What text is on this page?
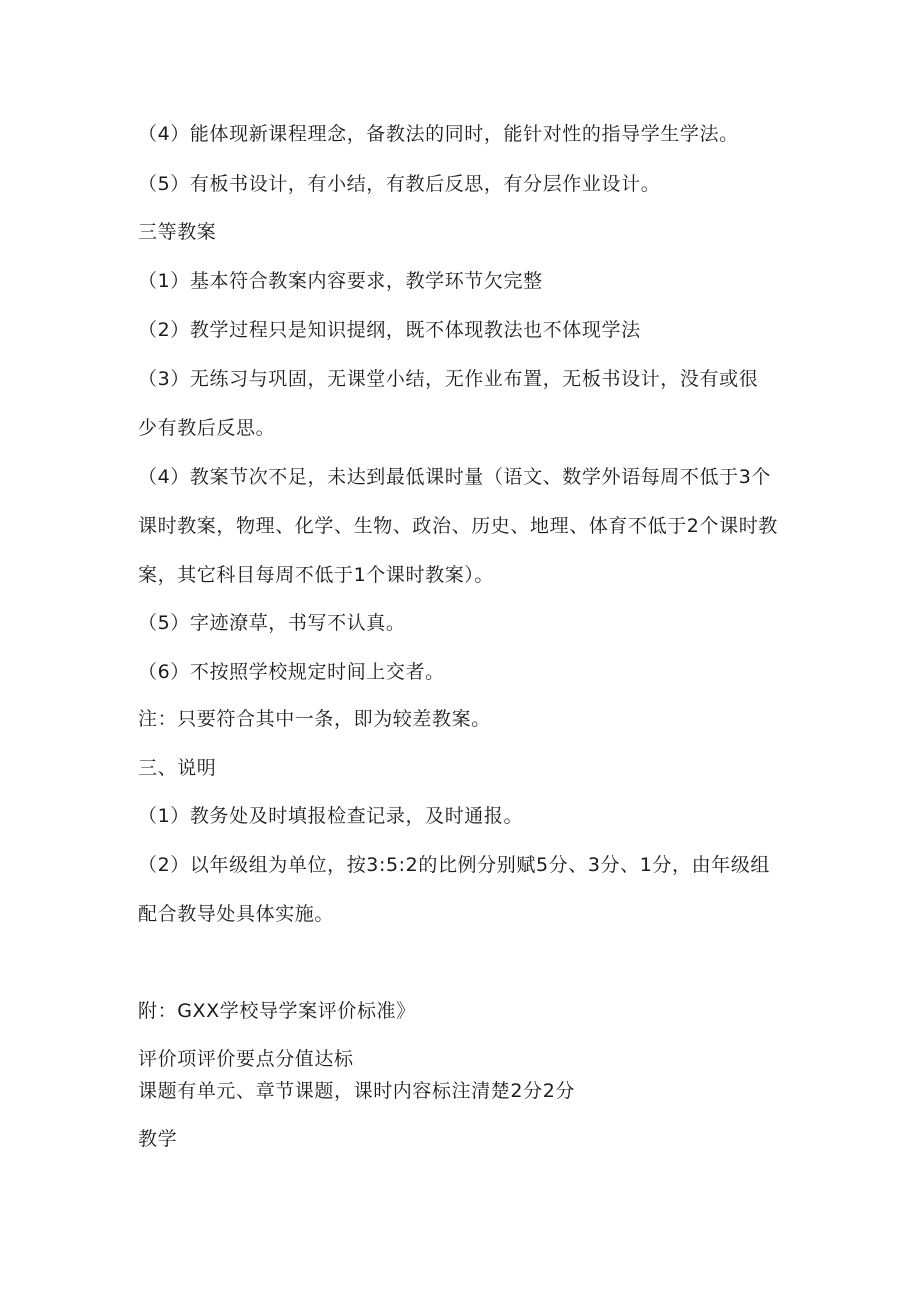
（4）能体现新课程理念，备教法的同时，能针对性的指导学生学法。
（5）有板书设计，有小结，有教后反思，有分层作业设计。
三等教案
（1）基本符合教案内容要求，教学环节欠完整
（2）教学过程只是知识提纲，既不体现教法也不体现学法
（3）无练习与巩固，无课堂小结，无作业布置，无板书设计，没有或很
少有教后反思。
（4）教案节次不足，未达到最低课时量（语文、数学外语每周不低于3个
课时教案，物理、化学、生物、政治、历史、地理、体育不低于2个课时教
案，其它科目每周不低于1个课时教案）。
（5）字迹潦草，书写不认真。
（6）不按照学校规定时间上交者。
注：只要符合其中一条，即为较差教案。
三、说明
（1）教务处及时填报检查记录，及时通报。
（2）以年级组为单位，按3:5:2的比例分别赋5分、3分、1分，由年级组
配合教导处具体实施。
附：GXX学校导学案评价标准》
评价项评价要点分值达标
课题有单元、章节课题，课时内容标注清楚2分2分
教学
